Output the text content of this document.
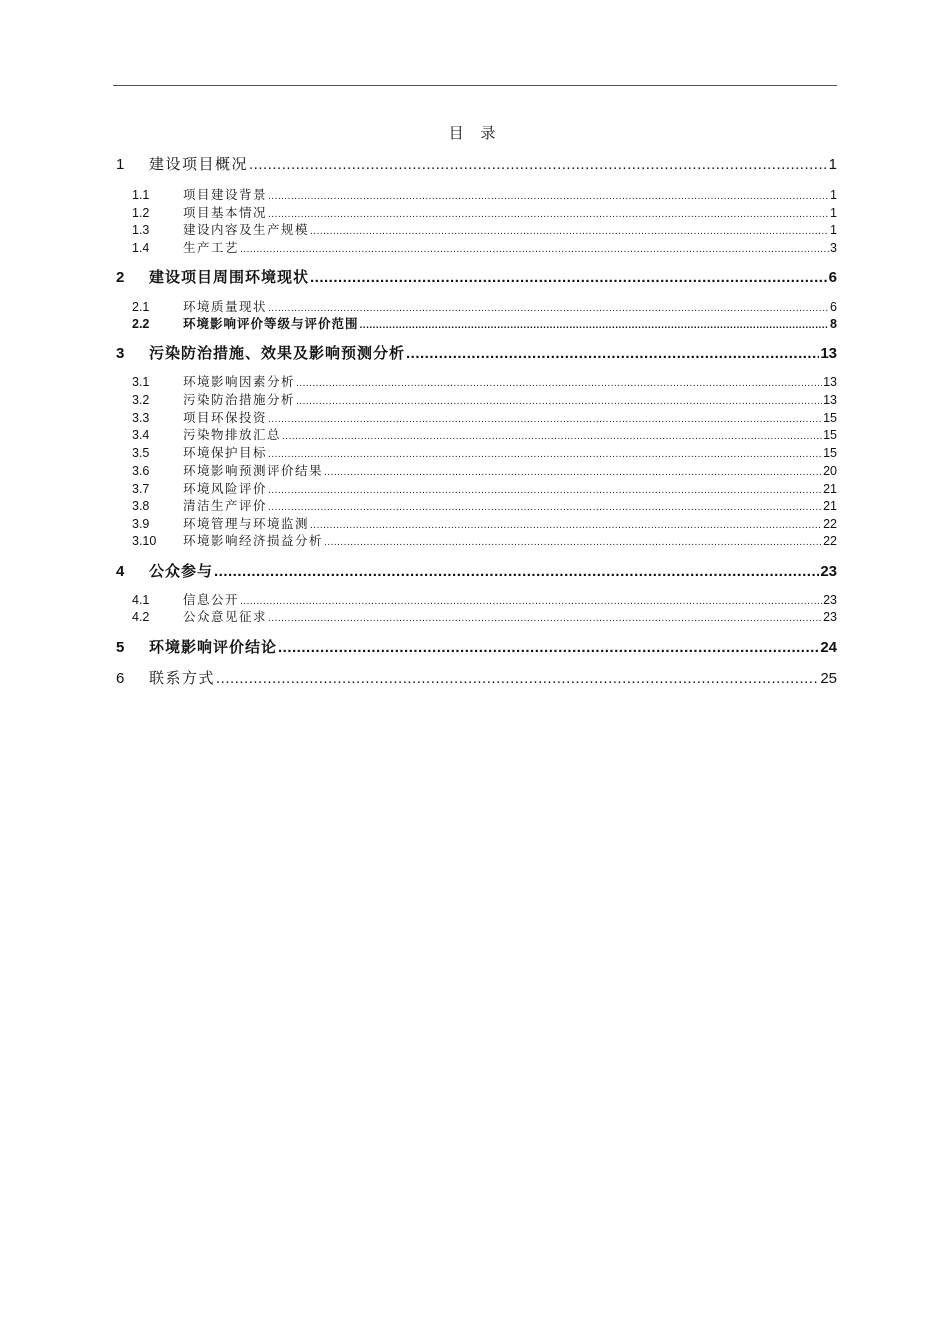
目 录
1	建设项目概况 .....	1
1.1	项目建设背景 .....	1
1.2	项目基本情况 .....	1
1.3	建设内容及生产规模 .....	1
1.4	生产工艺 .....	3
2	建设项目周围环境现状 .....	6
2.1	环境质量现状 .....	6
2.2	环境影响评价等级与评价范围 .....	8
3	污染防治措施、效果及影响预测分析 .....	13
3.1	环境影响因素分析 .....	13
3.2	污染防治措施分析 .....	13
3.3	项目环保投资 .....	15
3.4	污染物排放汇总 .....	15
3.5	环境保护目标 .....	15
3.6	环境影响预测评价结果 .....	20
3.7	环境风险评价 .....	21
3.8	清洁生产评价 .....	21
3.9	环境管理与环境监测 .....	22
3.10	环境影响经济损益分析 .....	22
4	公众参与 .....	23
4.1	信息公开 .....	23
4.2	公众意见征求 .....	23
5	环境影响评价结论 .....	24
6	联系方式 .....	25
